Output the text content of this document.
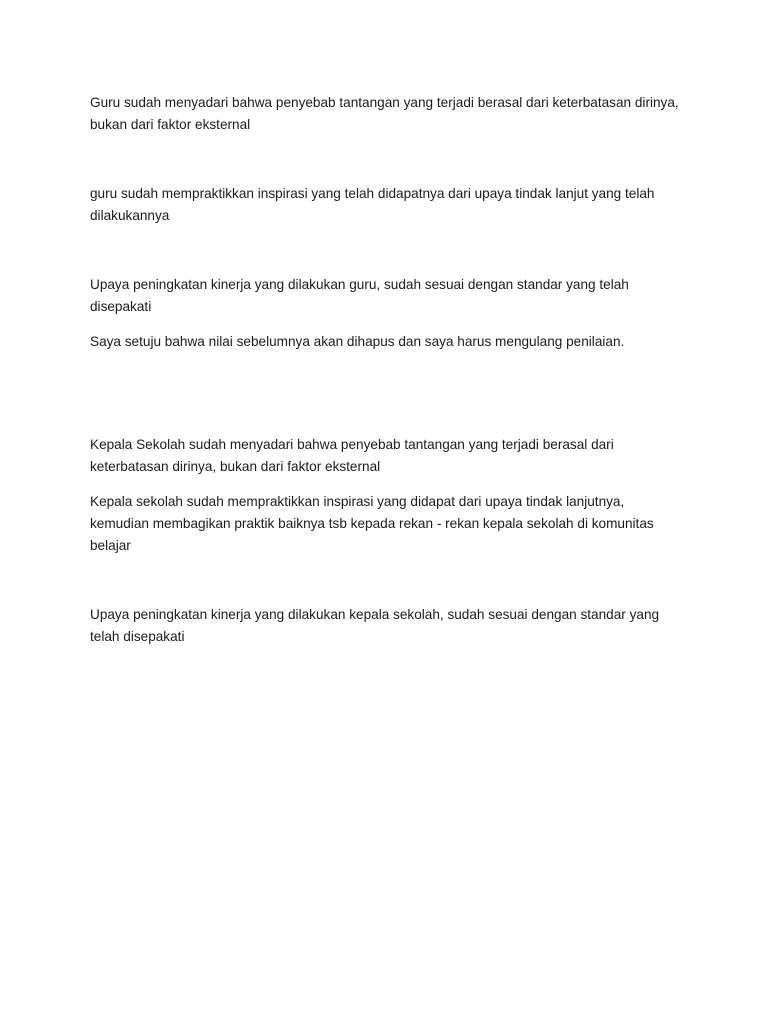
Guru sudah menyadari bahwa penyebab tantangan yang terjadi berasal dari keterbatasan dirinya, bukan dari faktor eksternal

guru sudah mempraktikkan inspirasi yang telah didapatnya dari upaya tindak lanjut yang telah dilakukannya

Upaya peningkatan kinerja yang dilakukan guru, sudah sesuai dengan standar yang telah disepakati

Saya setuju bahwa nilai sebelumnya akan dihapus dan saya harus mengulang penilaian.

Kepala Sekolah sudah menyadari bahwa penyebab tantangan yang terjadi berasal dari keterbatasan dirinya, bukan dari faktor eksternal

Kepala sekolah sudah mempraktikkan inspirasi yang didapat dari upaya tindak lanjutnya, kemudian membagikan praktik baiknya tsb kepada rekan - rekan kepala sekolah di komunitas belajar

Upaya peningkatan kinerja yang dilakukan kepala sekolah, sudah sesuai dengan standar yang telah disepakati
